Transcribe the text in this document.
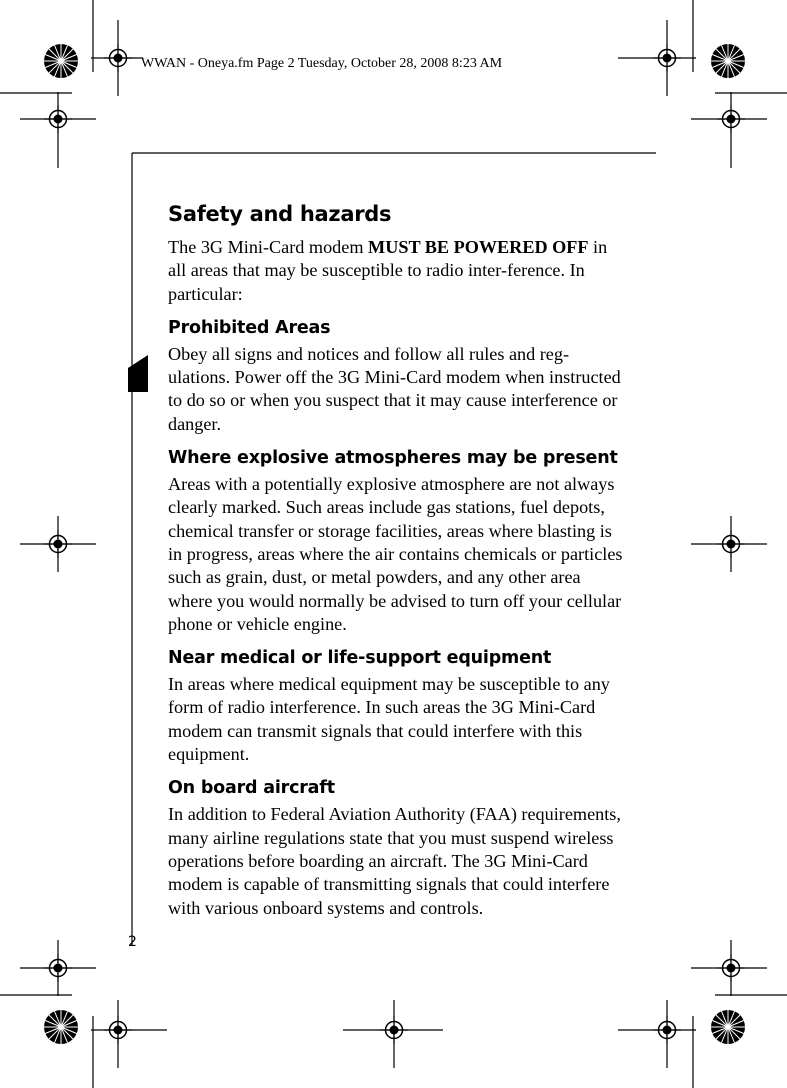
WWAN - Oneya.fm Page 2 Tuesday, October 28, 2008 8:23 AM
Safety and hazards

The 3G Mini-Card modem MUST BE POWERED OFF in all areas that may be susceptible to radio inter-ference. In particular:

Prohibited Areas

Obey all signs and notices and follow all rules and reg-ulations. Power off the 3G Mini-Card modem when instructed to do so or when you suspect that it may cause interference or danger.

Where explosive atmospheres may be present

Areas with a potentially explosive atmosphere are not always clearly marked. Such areas include gas stations, fuel depots, chemical transfer or storage facilities, areas where blasting is in progress, areas where the air contains chemicals or particles such as grain, dust, or metal powders, and any other area where you would normally be advised to turn off your cellular phone or vehicle engine.

Near medical or life-support equipment

In areas where medical equipment may be susceptible to any form of radio interference. In such areas the 3G Mini-Card modem can transmit signals that could interfere with this equipment.

On board aircraft

In addition to Federal Aviation Authority (FAA) requirements, many airline regulations state that you must suspend wireless operations before boarding an aircraft. The 3G Mini-Card modem is capable of transmitting signals that could interfere with various onboard systems and controls.

2
